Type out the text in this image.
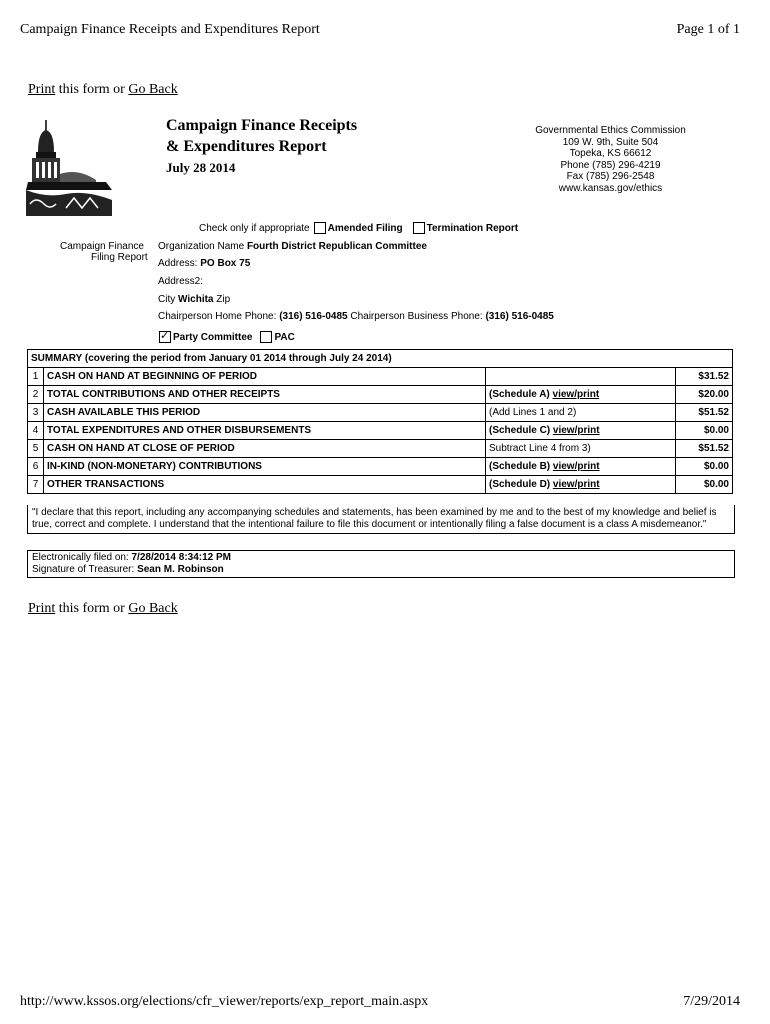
Campaign Finance Receipts and Expenditures Report	Page 1 of 1
Print this form or Go Back
Campaign Finance Receipts
& Expenditures Report
July 28 2014
Governmental Ethics Commission
109 W. 9th, Suite 504
Topeka, KS 66612
Phone (785) 296-4219
Fax (785) 296-2548
www.kansas.gov/ethics
Check only if appropriate Amended Filing Termination Report
Campaign Finance
Filing Report
Organization Name Fourth District Republican Committee
Address: PO Box 75
Address2:
City Wichita Zip
Chairperson Home Phone: (316) 516-0485 Chairperson Business Phone: (316) 516-0485
✓
Party Committee PAC
SUMMARY (covering the period from January 01 2014 through July 24 2014)			
1	CASH ON HAND AT BEGINNING OF PERIOD		$31.52
2	TOTAL CONTRIBUTIONS AND OTHER RECEIPTS	(Schedule A) view/print	$20.00
3	CASH AVAILABLE THIS PERIOD	(Add Lines 1 and 2)	$51.52
4	TOTAL EXPENDITURES AND OTHER DISBURSEMENTS	(Schedule C) view/print	$0.00
5	CASH ON HAND AT CLOSE OF PERIOD	Subtract Line 4 from 3)	$51.52
6	IN-KIND (NON-MONETARY) CONTRIBUTIONS	(Schedule B) view/print	$0.00
7	OTHER TRANSACTIONS	(Schedule D) view/print	$0.00
"I declare that this report, including any accompanying schedules and statements, has been examined by me and to the best of my knowledge and belief is true, correct and complete. I understand that the intentional failure to file this document or intentionally filing a false document is a class A misdemeanor."
Electronically filed on: 7/28/2014 8:34:12 PM
Signature of Treasurer: Sean M. Robinson
Print this form or Go Back
http://www.kssos.org/elections/cfr_viewer/reports/exp_report_main.aspx	7/29/2014
